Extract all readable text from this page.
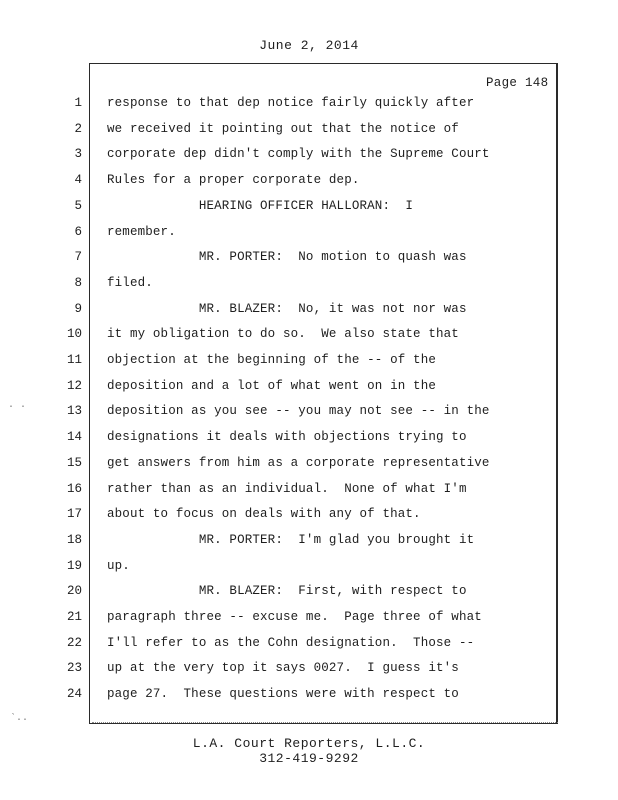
June 2, 2014
Page 148
1 response to that dep notice fairly quickly after
2 we received it pointing out that the notice of
3 corporate dep didn't comply with the Supreme Court
4 Rules for a proper corporate dep.
5 HEARING OFFICER HALLORAN:  I
6 remember.
7 MR. PORTER:  No motion to quash was
8 filed.
9 MR. BLAZER:  No, it was not nor was
10 it my obligation to do so.  We also state that
11 objection at the beginning of the -- of the
12 deposition and a lot of what went on in the
13 deposition as you see -- you may not see -- in the
14 designations it deals with objections trying to
15 get answers from him as a corporate representative
16 rather than as an individual.  None of what I'm
17 about to focus on deals with any of that.
18 MR. PORTER:  I'm glad you brought it
19 up.
20 MR. BLAZER:  First, with respect to
21 paragraph three -- excuse me.  Page three of what
22 I'll refer to as the Cohn designation.  Those --
23 up at the very top it says 0027.  I guess it's
24 page 27.  These questions were with respect to
L.A. Court Reporters, L.L.C.
312-419-9292
· ·
‵..
